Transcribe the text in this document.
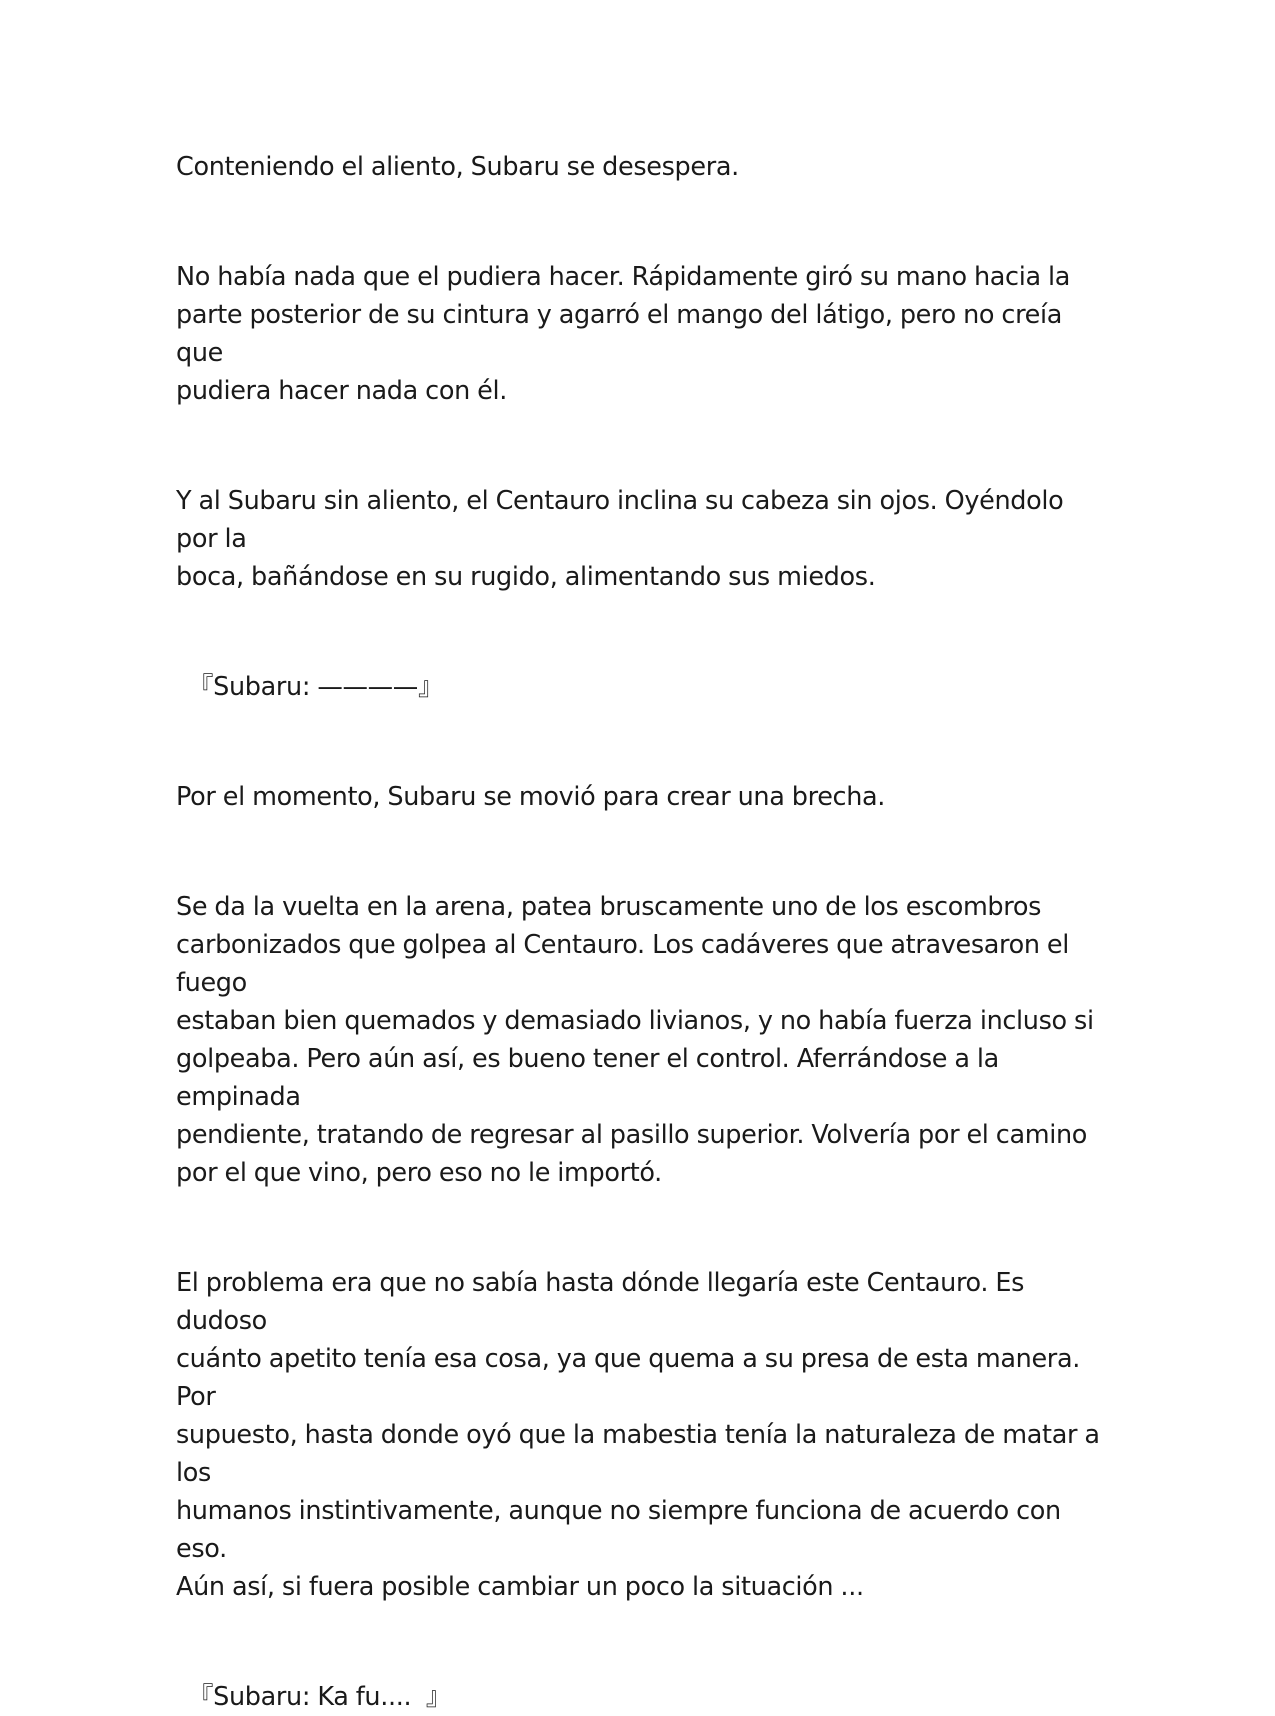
Conteniendo el aliento, Subaru se desespera.

No había nada que el pudiera hacer. Rápidamente giró su mano hacia la
parte posterior de su cintura y agarró el mango del látigo, pero no creía que
pudiera hacer nada con él.

Y al Subaru sin aliento, el Centauro inclina su cabeza sin ojos. Oyéndolo por la
boca, bañándose en su rugido, alimentando sus miedos.

『Subaru: ————』

Por el momento, Subaru se movió para crear una brecha.

Se da la vuelta en la arena, patea bruscamente uno de los escombros
carbonizados que golpea al Centauro. Los cadáveres que atravesaron el fuego
estaban bien quemados y demasiado livianos, y no había fuerza incluso si
golpeaba. Pero aún así, es bueno tener el control. Aferrándose a la empinada
pendiente, tratando de regresar al pasillo superior. Volvería por el camino
por el que vino, pero eso no le importó.

El problema era que no sabía hasta dónde llegaría este Centauro. Es dudoso
cuánto apetito tenía esa cosa, ya que quema a su presa de esta manera. Por
supuesto, hasta donde oyó que la mabestia tenía la naturaleza de matar a los
humanos instintivamente, aunque no siempre funciona de acuerdo con eso.
Aún así, si fuera posible cambiar un poco la situación ...

『Subaru: Ka fu....  』
